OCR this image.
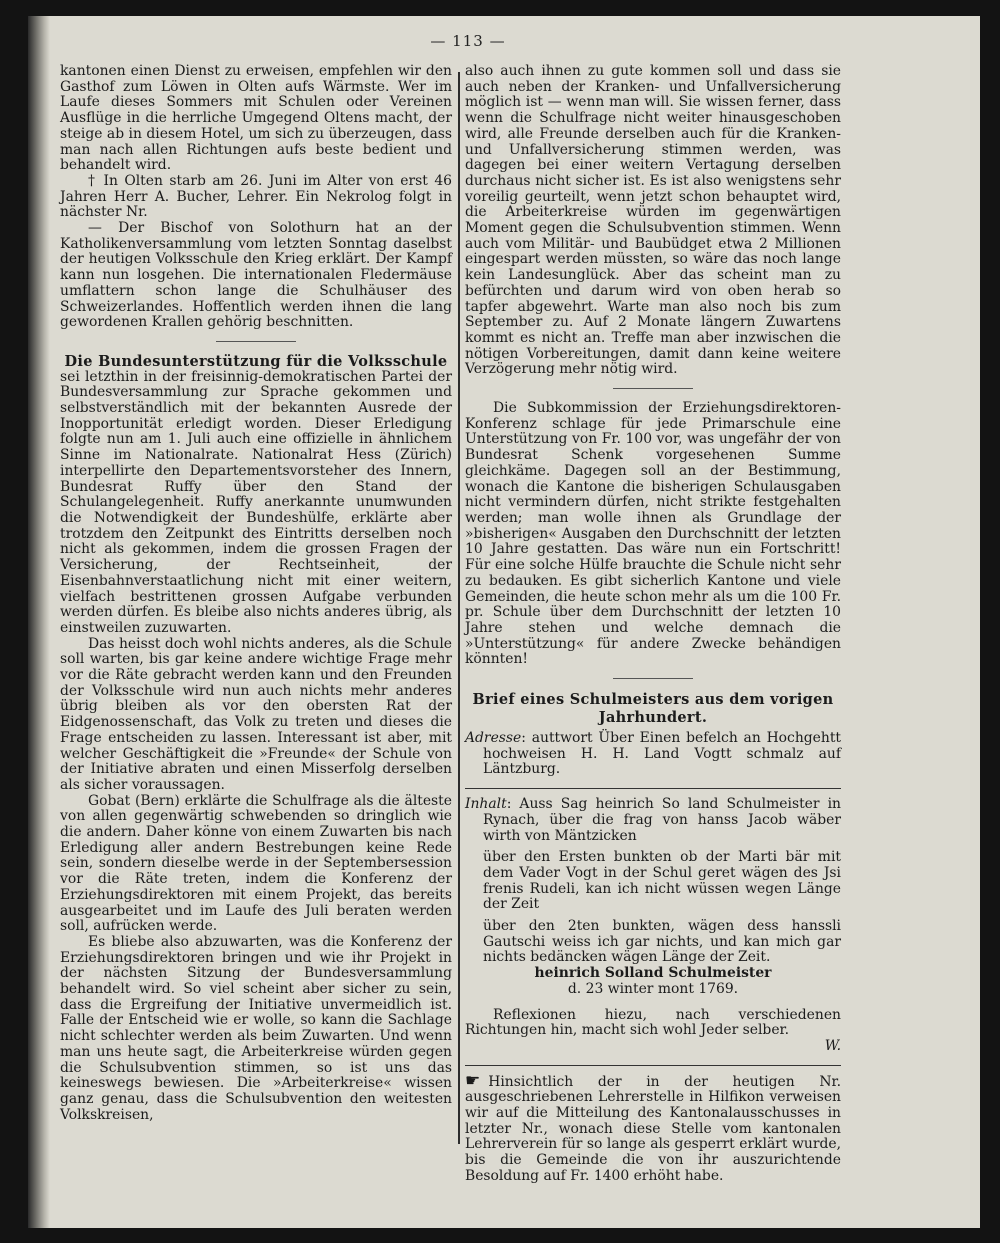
— 113 —

kantonen einen Dienst zu erweisen, empfehlen wir den Gasthof zum Löwen in Olten aufs Wärmste. Wer im Laufe dieses Sommers mit Schulen oder Vereinen Ausflüge in die herrliche Umgegend Oltens macht, der steige ab in diesem Hotel, um sich zu überzeugen, dass man nach allen Richtungen aufs beste bedient und behandelt wird.

† In Olten starb am 26. Juni im Alter von erst 46 Jahren Herr A. Bucher, Lehrer. Ein Nekrolog folgt in nächster Nr.

— Der Bischof von Solothurn hat an der Katholikenversammlung vom letzten Sonntag daselbst der heutigen Volksschule den Krieg erklärt. Der Kampf kann nun losgehen. Die internationalen Fledermäuse umflattern schon lange die Schulhäuser des Schweizerlandes. Hoffentlich werden ihnen die lang gewordenen Krallen gehörig beschnitten.

Die Bundesunterstützung für die Volksschule

sei letzthin in der freisinnig-demokratischen Partei der Bundesversammlung zur Sprache gekommen und selbstverständlich mit der bekannten Ausrede der Inopportunität erledigt worden. Dieser Erledigung folgte nun am 1. Juli auch eine offizielle in ähnlichem Sinne im Nationalrate. Nationalrat Hess (Zürich) interpellirte den Departementsvorsteher des Innern, Bundesrat Ruffy über den Stand der Schulangelegenheit. Ruffy anerkannte unumwunden die Notwendigkeit der Bundeshülfe, erklärte aber trotzdem den Zeitpunkt des Eintritts derselben noch nicht als gekommen, indem die grossen Fragen der Versicherung, der Rechtseinheit, der Eisenbahnverstaatlichung nicht mit einer weitern, vielfach bestrittenen grossen Aufgabe verbunden werden dürfen. Es bleibe also nichts anderes übrig, als einstweilen zuzuwarten.

Das heisst doch wohl nichts anderes, als die Schule soll warten, bis gar keine andere wichtige Frage mehr vor die Räte gebracht werden kann und den Freunden der Volksschule wird nun auch nichts mehr anderes übrig bleiben als vor den obersten Rat der Eidgenossenschaft, das Volk zu treten und dieses die Frage entscheiden zu lassen. Interessant ist aber, mit welcher Geschäftigkeit die »Freunde« der Schule von der Initiative abraten und einen Misserfolg derselben als sicher voraussagen.

Gobat (Bern) erklärte die Schulfrage als die älteste von allen gegenwärtig schwebenden so dringlich wie die andern. Daher könne von einem Zuwarten bis nach Erledigung aller andern Bestrebungen keine Rede sein, sondern dieselbe werde in der Septembersession vor die Räte treten, indem die Konferenz der Erziehungsdirektoren mit einem Projekt, das bereits ausgearbeitet und im Laufe des Juli beraten werden soll, aufrücken werde.

Es bliebe also abzuwarten, was die Konferenz der Erziehungsdirektoren bringen und wie ihr Projekt in der nächsten Sitzung der Bundesversammlung behandelt wird. So viel scheint aber sicher zu sein, dass die Ergreifung der Initiative unvermeidlich ist. Falle der Entscheid wie er wolle, so kann die Sachlage nicht schlechter werden als beim Zuwarten. Und wenn man uns heute sagt, die Arbeiterkreise würden gegen die Schulsubvention stimmen, so ist uns das keineswegs bewiesen. Die »Arbeiterkreise« wissen ganz genau, dass die Schulsubvention den weitesten Volkskreisen,

also auch ihnen zu gute kommen soll und dass sie auch neben der Kranken- und Unfallversicherung möglich ist — wenn man will. Sie wissen ferner, dass wenn die Schulfrage nicht weiter hinausgeschoben wird, alle Freunde derselben auch für die Kranken- und Unfallversicherung stimmen werden, was dagegen bei einer weitern Vertagung derselben durchaus nicht sicher ist. Es ist also wenigstens sehr voreilig geurteilt, wenn jetzt schon behauptet wird, die Arbeiterkreise würden im gegenwärtigen Moment gegen die Schulsubvention stimmen. Wenn auch vom Militär- und Baubüdget etwa 2 Millionen eingespart werden müssten, so wäre das noch lange kein Landesunglück. Aber das scheint man zu befürchten und darum wird von oben herab so tapfer abgewehrt. Warte man also noch bis zum September zu. Auf 2 Monate längern Zuwartens kommt es nicht an. Treffe man aber inzwischen die nötigen Vorbereitungen, damit dann keine weitere Verzögerung mehr nötig wird.

Die Subkommission der Erziehungsdirektoren-Konferenz schlage für jede Primarschule eine Unterstützung von Fr. 100 vor, was ungefähr der von Bundesrat Schenk vorgesehenen Summe gleichkäme. Dagegen soll an der Bestimmung, wonach die Kantone die bisherigen Schulausgaben nicht vermindern dürfen, nicht strikte festgehalten werden; man wolle ihnen als Grundlage der »bisherigen« Ausgaben den Durchschnitt der letzten 10 Jahre gestatten. Das wäre nun ein Fortschritt! Für eine solche Hülfe brauchte die Schule nicht sehr zu bedauken. Es gibt sicherlich Kantone und viele Gemeinden, die heute schon mehr als um die 100 Fr. pr. Schule über dem Durchschnitt der letzten 10 Jahre stehen und welche demnach die »Unterstützung« für andere Zwecke behändigen könnten!

Brief eines Schulmeisters aus dem vorigen Jahrhundert.

Adresse: auttwort Über Einen befelch an Hochgehtt hochweisen H. H. Land Vogtt schmalz auf Läntzburg.

Inhalt: Auss Sag heinrich So land Schulmeister in Rynach, über die frag von hanss Jacob wäber wirth von Mäntzicken

über den Ersten bunkten ob der Marti bär mit dem Vader Vogt in der Schul geret wägen des Jsi frenis Rudeli, kan ich nicht wüssen wegen Länge der Zeit

über den 2ten bunkten, wägen dess hanssli Gautschi weiss ich gar nichts, und kan mich gar nichts bedäncken wägen Länge der Zeit.

heinrich Solland Schulmeister

d. 23 winter mont 1769.

Reflexionen hiezu, nach verschiedenen Richtungen hin, macht sich wohl Jeder selber.

W.

☛ Hinsichtlich der in der heutigen Nr. ausgeschriebenen Lehrerstelle in Hilfikon verweisen wir auf die Mitteilung des Kantonalausschusses in letzter Nr., wonach diese Stelle vom kantonalen Lehrerverein für so lange als gesperrt erklärt wurde, bis die Gemeinde die von ihr auszurichtende Besoldung auf Fr. 1400 erhöht habe.
